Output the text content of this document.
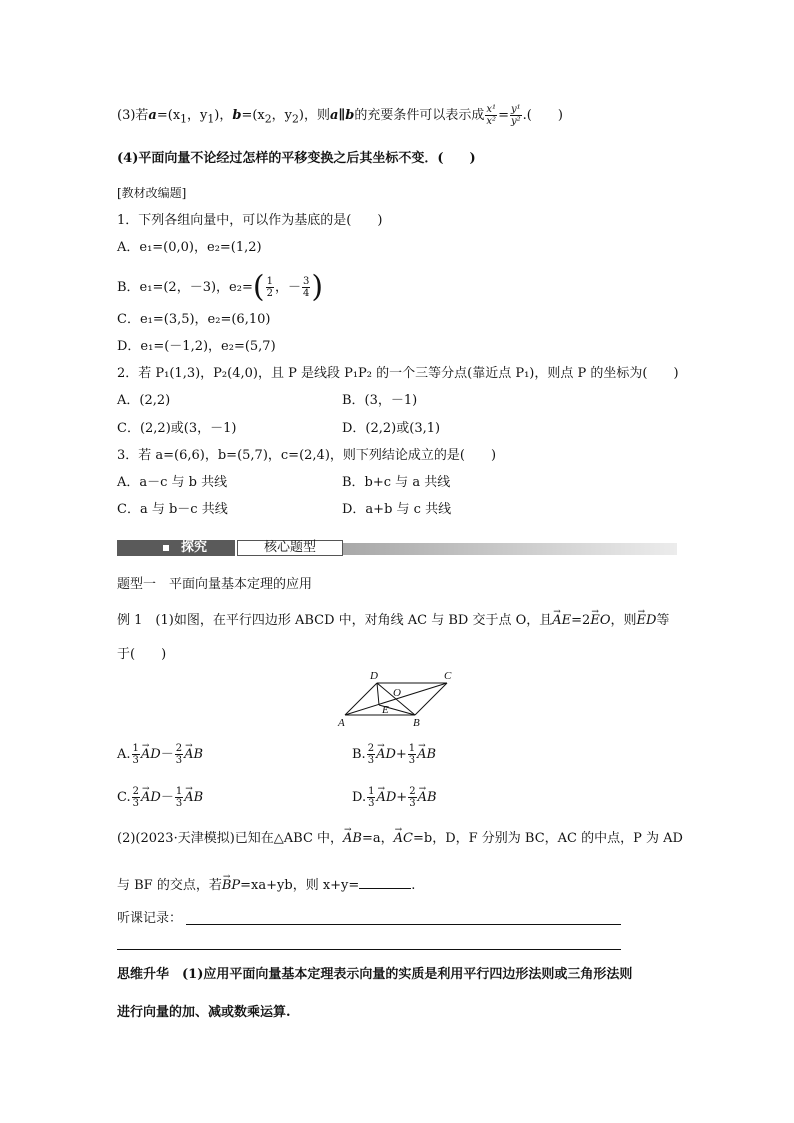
(3)若$a=(x_1$，$y_1$)，$b=(x_2$，$y_2$)，则a∥b的充要条件可以表示成 $\frac{\text{x¹}}{\text{x²}} = \frac{\text{y¹}}{\text{y²}}$ .(　　)
(4)平面向量不论经过怎样的平移变换之后其坐标不变．(　　)
[教材改编题]
1．下列各组向量中，可以作为基底的是(　　)
A．e₁=(0,0)，e₂=(1,2)
B．e₁=(2，－3)，$e_2=( \frac{1}{2}$ ，－ $\frac{3}{4}$ )
C．e₁=(3,5)，e₂=(6,10)
D．e₁=(－1,2)，e₂=(5,7)
2．若 P₁(1,3)，P₂(4,0)，且 P 是线段 P₁P₂ 的一个三等分点(靠近点 P₁)，则点 P 的坐标为(　　)
A．(2,2)	B．(3，－1)
C．(2,2)或(3，－1)	D．(2,2)或(3,1)
3．若 a=(6,6)，b=(5,7)，c=(2,4)，则下列结论成立的是(　　)
A．a－c 与 b 共线	B．b+c 与 a 共线
C．a 与 b－c 共线	D．a+b 与 c 共线
探究	核心题型
题型一　平面向量基本定理的应用
例 1　(1)如图，在平行四边形 ABCD 中，对角线 AC 与 BD 交于点 O，且→ AE=2→ EO，则→ ED等
于(　　)
D	C
O
E
A	B
A. $\frac{1}{3}$
→ $AD- \frac{2}{3}$
→ AB	B. $\frac{2}{3}$
→ $AD+ \frac{1}{3}$
→ AB
C. $\frac{2}{3}$
→ $AD- \frac{1}{3}$
→ AB	D. $\frac{1}{3}$
→ $AD+ \frac{2}{3}$
→ AB
(2)(2023·天津模拟)已知在△ABC 中，→ AB=a，→ AC=b，D，F 分别为 BC，AC 的中点，P 为 AD
与 BF 的交点，若→ BP=xa+yb，则 x+y=	.
听课记录：
思维升华　(1)应用平面向量基本定理表示向量的实质是利用平行四边形法则或三角形法则
进行向量的加、减或数乘运算.
